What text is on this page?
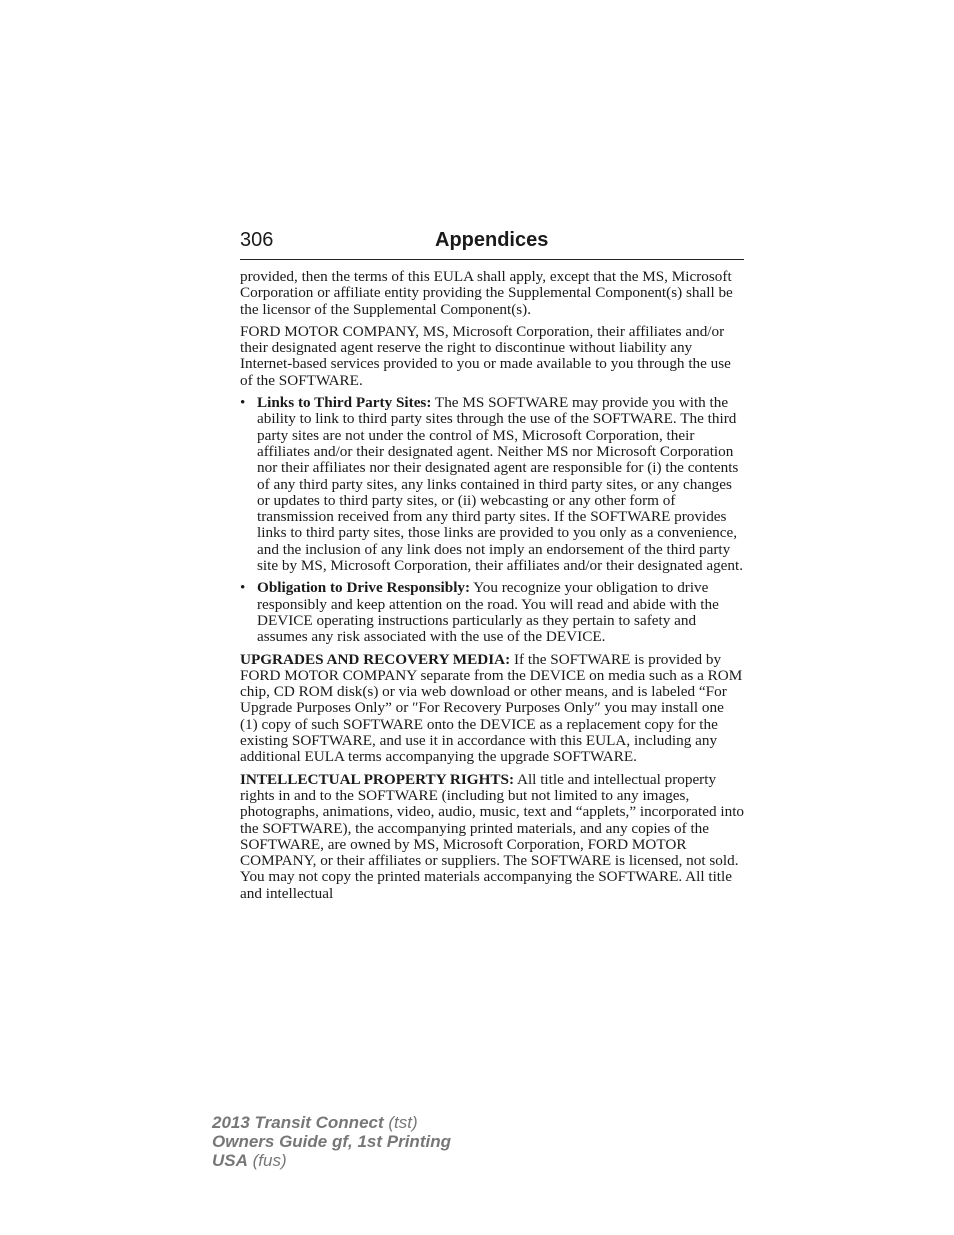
306	Appendices

provided, then the terms of this EULA shall apply, except that the MS, Microsoft Corporation or affiliate entity providing the Supplemental Component(s) shall be the licensor of the Supplemental Component(s).

FORD MOTOR COMPANY, MS, Microsoft Corporation, their affiliates and/or their designated agent reserve the right to discontinue without liability any Internet-based services provided to you or made available to you through the use of the SOFTWARE.

• Links to Third Party Sites: The MS SOFTWARE may provide you with the ability to link to third party sites through the use of the SOFTWARE. The third party sites are not under the control of MS, Microsoft Corporation, their affiliates and/or their designated agent. Neither MS nor Microsoft Corporation nor their affiliates nor their designated agent are responsible for (i) the contents of any third party sites, any links contained in third party sites, or any changes or updates to third party sites, or (ii) webcasting or any other form of transmission received from any third party sites. If the SOFTWARE provides links to third party sites, those links are provided to you only as a convenience, and the inclusion of any link does not imply an endorsement of the third party site by MS, Microsoft Corporation, their affiliates and/or their designated agent.
• Obligation to Drive Responsibly: You recognize your obligation to drive responsibly and keep attention on the road. You will read and abide with the DEVICE operating instructions particularly as they pertain to safety and assumes any risk associated with the use of the DEVICE.

UPGRADES AND RECOVERY MEDIA: If the SOFTWARE is provided by FORD MOTOR COMPANY separate from the DEVICE on media such as a ROM chip, CD ROM disk(s) or via web download or other means, and is labeled “For Upgrade Purposes Only” or ″For Recovery Purposes Only″ you may install one (1) copy of such SOFTWARE onto the DEVICE as a replacement copy for the existing SOFTWARE, and use it in accordance with this EULA, including any additional EULA terms accompanying the upgrade SOFTWARE.

INTELLECTUAL PROPERTY RIGHTS: All title and intellectual property rights in and to the SOFTWARE (including but not limited to any images, photographs, animations, video, audio, music, text and “applets,” incorporated into the SOFTWARE), the accompanying printed materials, and any copies of the SOFTWARE, are owned by MS, Microsoft Corporation, FORD MOTOR COMPANY, or their affiliates or suppliers. The SOFTWARE is licensed, not sold. You may not copy the printed materials accompanying the SOFTWARE. All title and intellectual

2013 Transit Connect (tst)
Owners Guide gf, 1st Printing
USA (fus)
